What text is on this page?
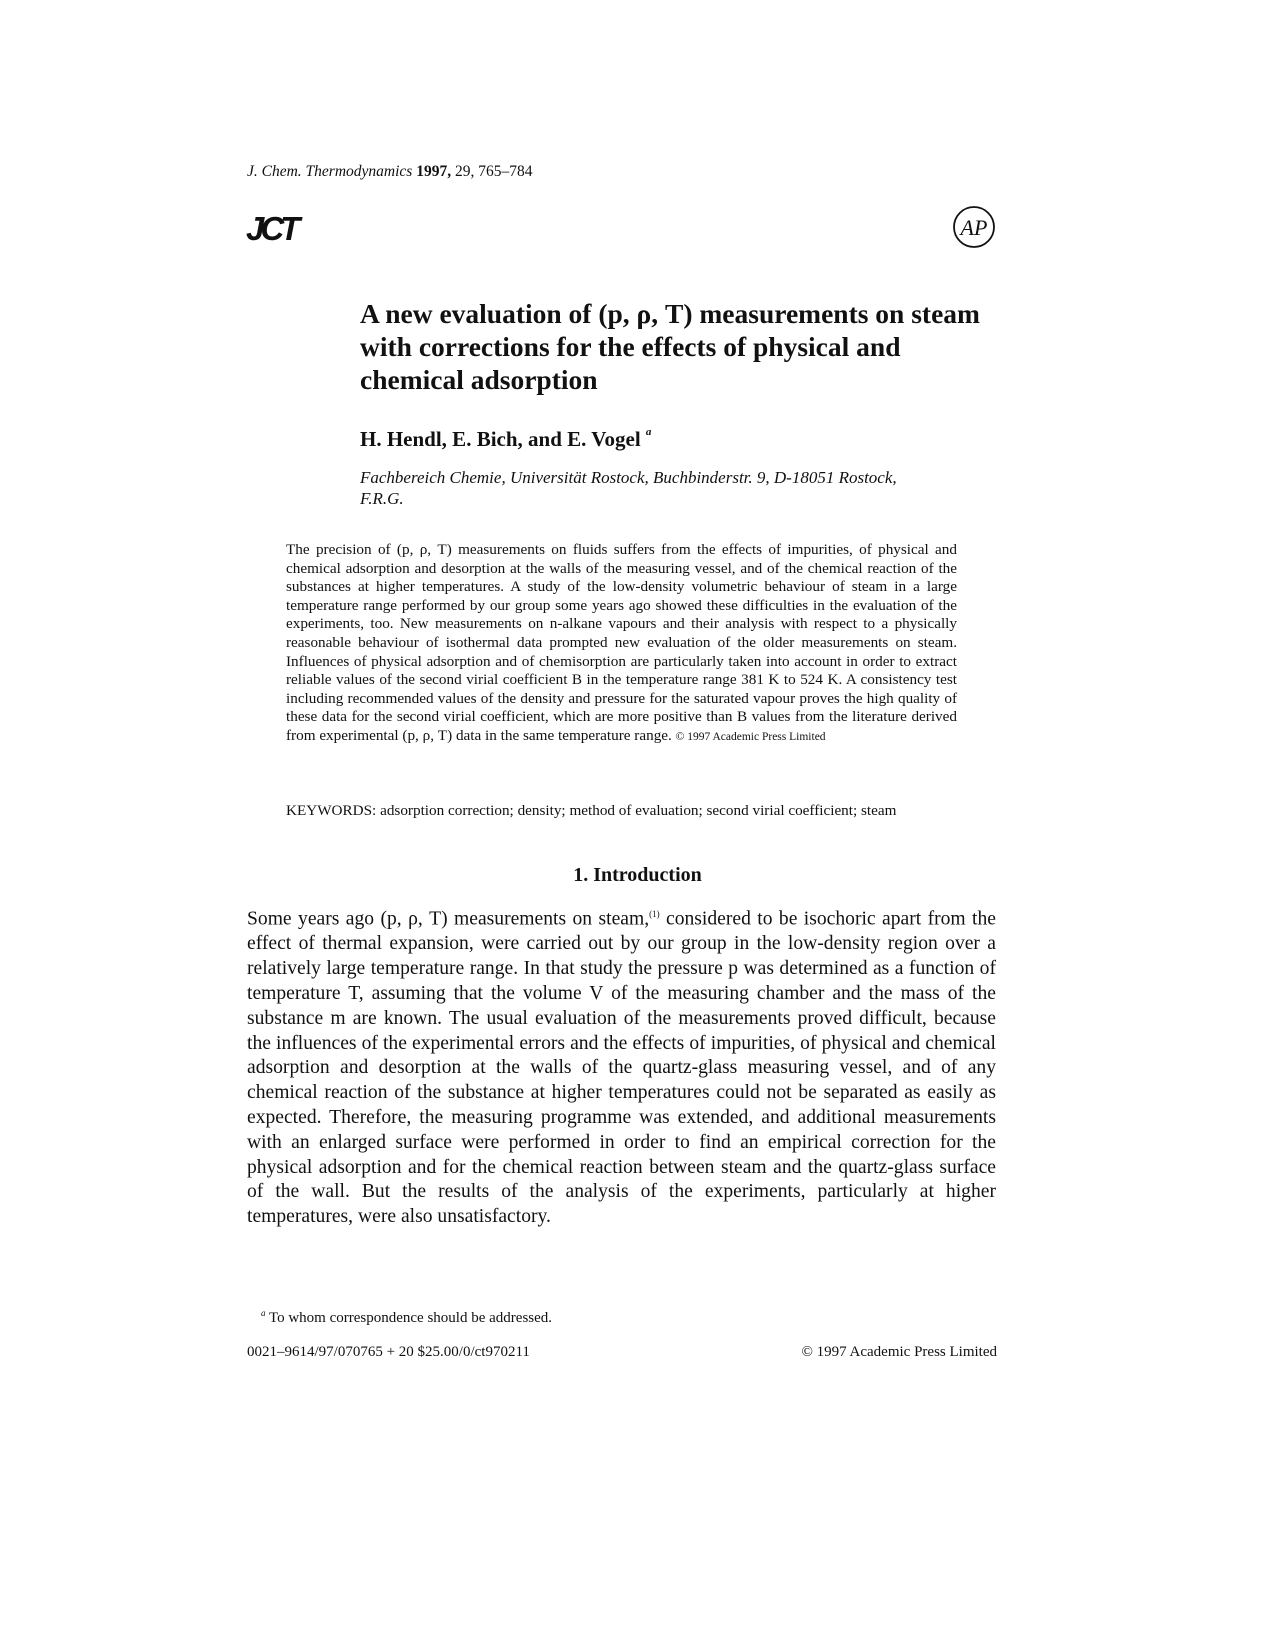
J. Chem. Thermodynamics 1997, 29, 765–784
JCT	AP
A new evaluation of (p, ρ, T) measurements on steam with corrections for the effects of physical and chemical adsorption
H. Hendl, E. Bich, and E. Vogel $^a$
Fachbereich Chemie, Universität Rostock, Buchbinderstr. 9, D-18051 Rostock, F.R.G.

The precision of (p, ρ, T) measurements on fluids suffers from the effects of impurities, of physical and chemical adsorption and desorption at the walls of the measuring vessel, and of the chemical reaction of the substances at higher temperatures. A study of the low-density volumetric behaviour of steam in a large temperature range performed by our group some years ago showed these difficulties in the evaluation of the experiments, too. New measurements on n-alkane vapours and their analysis with respect to a physically reasonable behaviour of isothermal data prompted new evaluation of the older measurements on steam. Influences of physical adsorption and of chemisorption are particularly taken into account in order to extract reliable values of the second virial coefficient B in the temperature range 381 K to 524 K. A consistency test including recommended values of the density and pressure for the saturated vapour proves the high quality of these data for the second virial coefficient, which are more positive than B values from the literature derived from experimental (p, ρ, T) data in the same temperature range. © 1997 Academic Press Limited

KEYWORDS: adsorption correction; density; method of evaluation; second virial coefficient; steam
1. Introduction

Some years ago (p, ρ, T) measurements on steam,$^{(1)}$ considered to be isochoric apart from the effect of thermal expansion, were carried out by our group in the low-density region over a relatively large temperature range. In that study the pressure p was determined as a function of temperature T, assuming that the volume V of the measuring chamber and the mass of the substance m are known. The usual evaluation of the measurements proved difficult, because the influences of the experimental errors and the effects of impurities, of physical and chemical adsorption and desorption at the walls of the quartz-glass measuring vessel, and of any chemical reaction of the substance at higher temperatures could not be separated as easily as expected. Therefore, the measuring programme was extended, and additional measurements with an enlarged surface were performed in order to find an empirical correction for the physical adsorption and for the chemical reaction between steam and the quartz-glass surface of the wall. But the results of the analysis of the experiments, particularly at higher temperatures, were also unsatisfactory.

$^a$ To whom correspondence should be addressed.
0021–9614/97/070765 + 20 $25.00/0/ct970211	© 1997 Academic Press Limited
